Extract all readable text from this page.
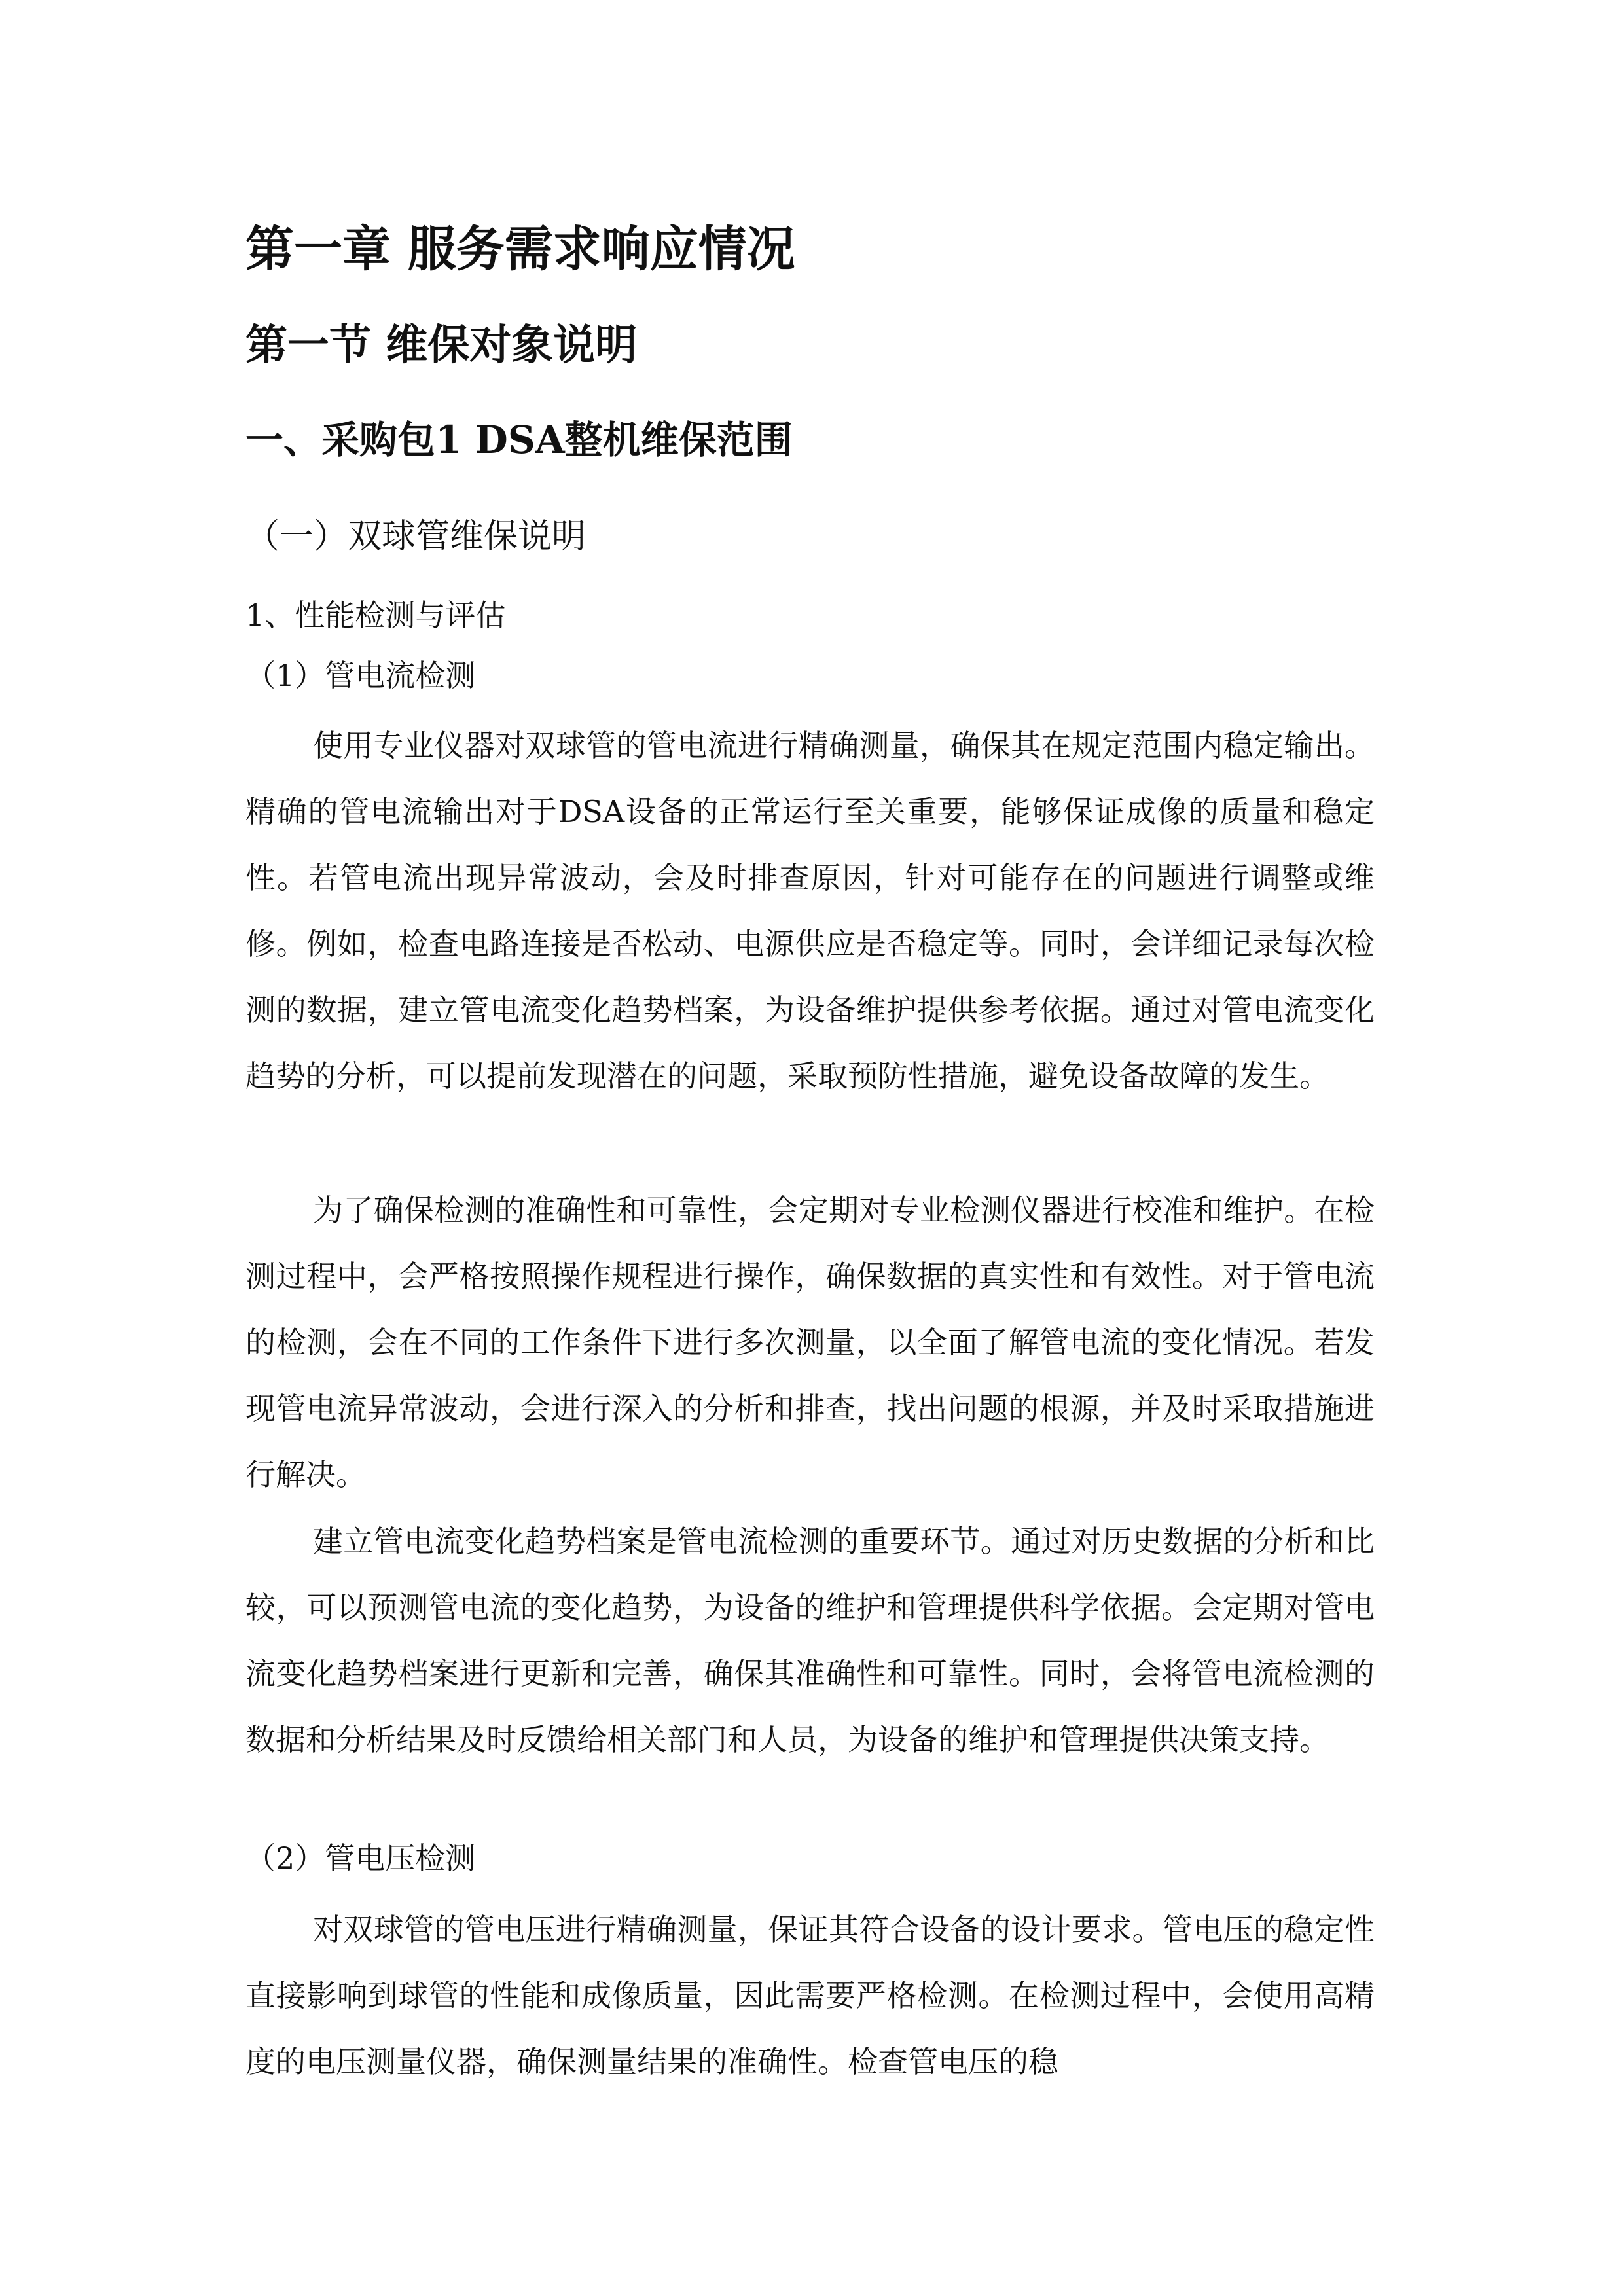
第一章 服务需求响应情况
第一节 维保对象说明
一、采购包1 DSA整机维保范围
（一）双球管维保说明

1、性能检测与评估

（1）管电流检测

使用专业仪器对双球管的管电流进行精确测量，确保其在规定范围内稳定输出。精确的管电流输出对于DSA设备的正常运行至关重要，能够保证成像的质量和稳定性。若管电流出现异常波动，会及时排查原因，针对可能存在的问题进行调整或维修。例如，检查电路连接是否松动、电源供应是否稳定等。同时，会详细记录每次检测的数据，建立管电流变化趋势档案，为设备维护提供参考依据。通过对管电流变化趋势的分析，可以提前发现潜在的问题，采取预防性措施，避免设备故障的发生。

为了确保检测的准确性和可靠性，会定期对专业检测仪器进行校准和维护。在检测过程中，会严格按照操作规程进行操作，确保数据的真实性和有效性。对于管电流的检测，会在不同的工作条件下进行多次测量，以全面了解管电流的变化情况。若发现管电流异常波动，会进行深入的分析和排查，找出问题的根源，并及时采取措施进行解决。

建立管电流变化趋势档案是管电流检测的重要环节。通过对历史数据的分析和比较，可以预测管电流的变化趋势，为设备的维护和管理提供科学依据。会定期对管电流变化趋势档案进行更新和完善，确保其准确性和可靠性。同时，会将管电流检测的数据和分析结果及时反馈给相关部门和人员，为设备的维护和管理提供决策支持。

（2）管电压检测

对双球管的管电压进行精确测量，保证其符合设备的设计要求。管电压的稳定性直接影响到球管的性能和成像质量，因此需要严格检测。在检测过程中，会使用高精度的电压测量仪器，确保测量结果的准确性。检查管电压的稳
